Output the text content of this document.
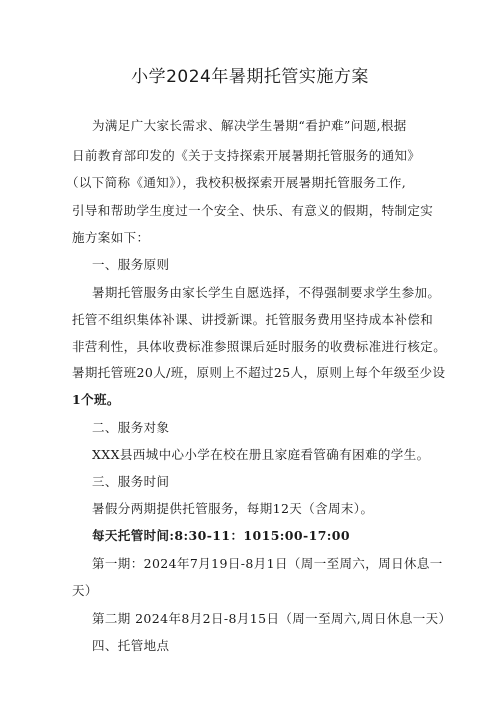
小学2024年暑期托管实施方案
为满足广大家长需求、解决学生暑期“看护难”问题,根据
日前教育部印发的《关于支持探索开展暑期托管服务的通知》
（以下简称《通知》），我校积极探索开展暑期托管服务工作,
引导和帮助学生度过一个安全、快乐、有意义的假期，特制定实
施方案如下：
一、服务原则
暑期托管服务由家长学生自愿选择，不得强制要求学生参加。
托管不组织集体补课、讲授新课。托管服务费用坚持成本补偿和
非营利性，具体收费标准参照课后延时服务的收费标准进行核定。
暑期托管班20人/班，原则上不超过25人，原则上每个年级至少设
1个班。
二、服务对象
XXX县西城中心小学在校在册且家庭看管确有困难的学生。
三、服务时间
暑假分两期提供托管服务，每期12天（含周末）。
每天托管时间:8:30-11：1015:00-17:00
第一期：2024年7月19日-8月1日（周一至周六，周日休息一
天）
第二期 2024年8月2日-8月15日（周一至周六,周日休息一天）
四、托管地点
